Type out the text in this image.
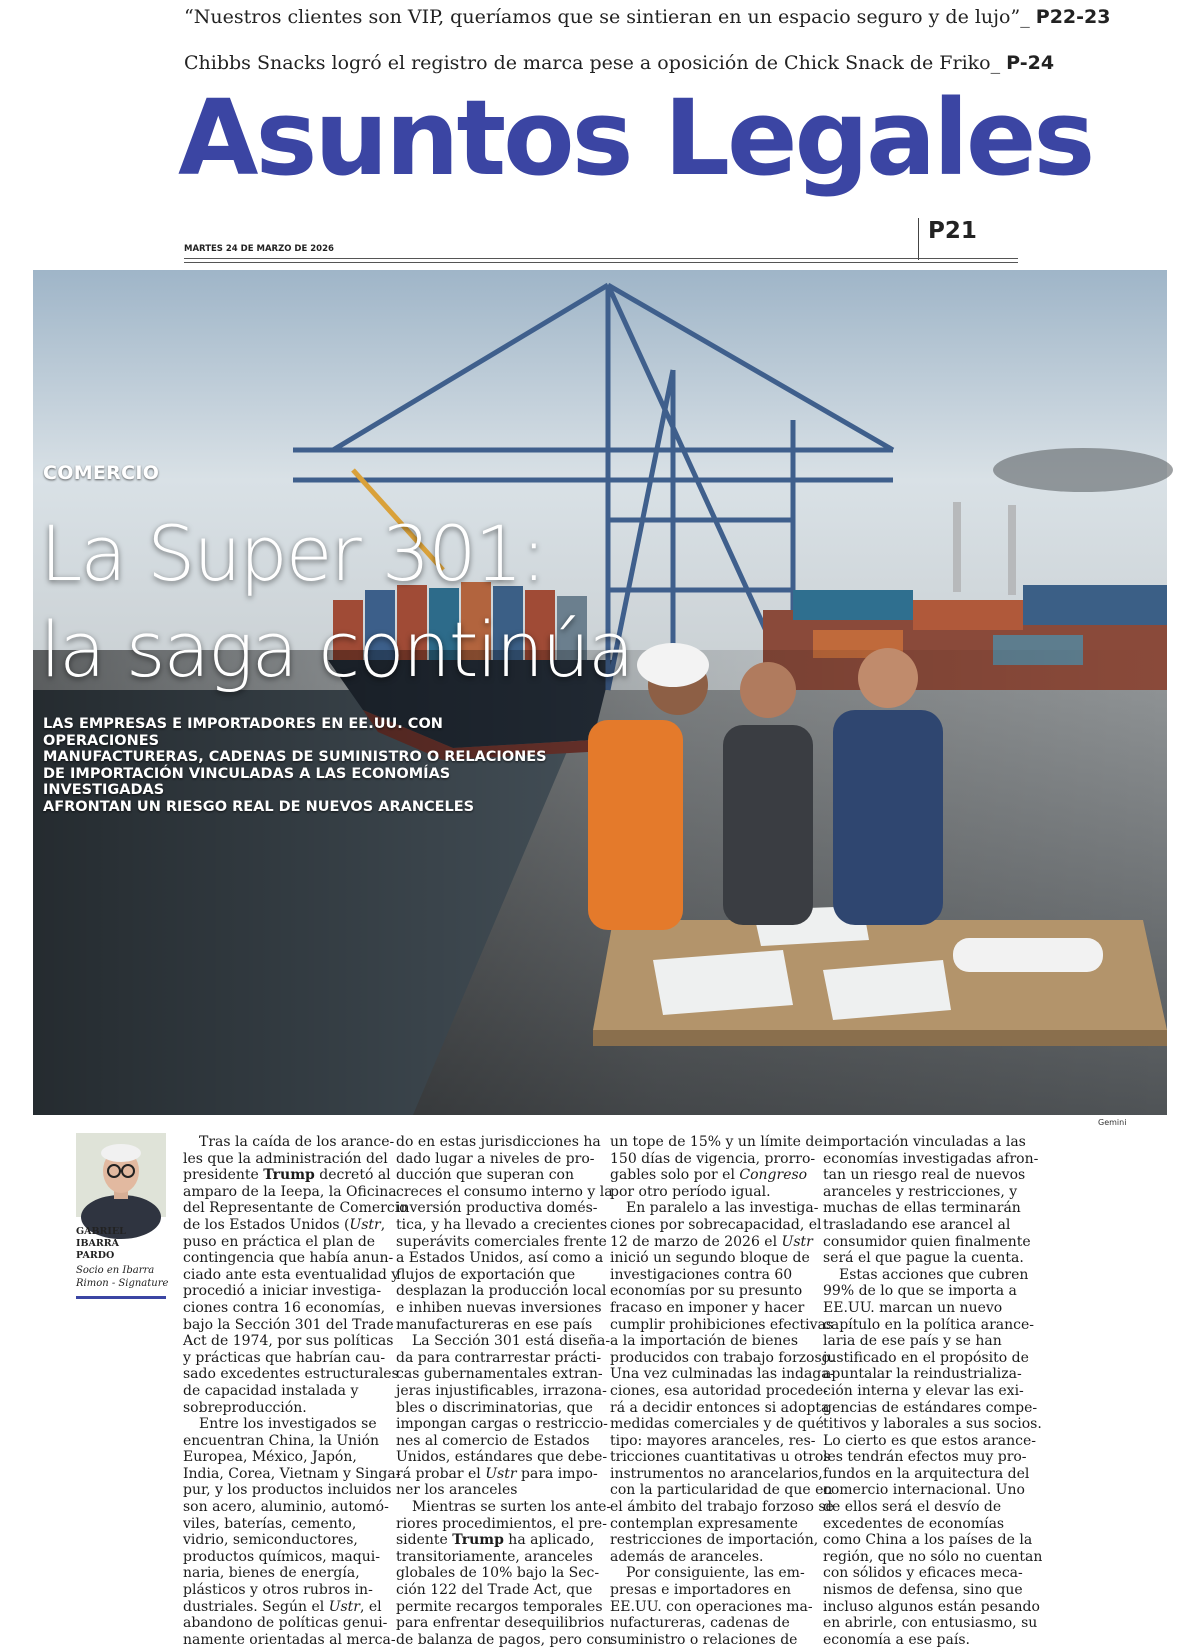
“Nuestros clientes son VIP, queríamos que se sintieran en un espacio seguro y de lujo”_ P22-23
Chibbs Snacks logró el registro de marca pese a oposición de Chick Snack de Friko_ P-24
Asuntos Legales
MARTES 24 DE MARZO DE 2026
P21
COMERCIO
La Super 301:
la saga continúa
LAS EMPRESAS E IMPORTADORES EN EE.UU. CON OPERACIONES
MANUFACTURERAS, CADENAS DE SUMINISTRO O RELACIONES
DE IMPORTACIÓN VINCULADAS A LAS ECONOMÍAS INVESTIGADAS
AFRONTAN UN RIESGO REAL DE NUEVOS ARANCELES
Gemini
GABRIEL
IBARRA
PARDO
Socio en Ibarra
Rimon - Signature
Tras la caída de los arance-
les que la administración del
presidente Trump decretó al
amparo de la Ieepa, la Oficina
del Representante de Comercio
de los Estados Unidos (Ustr,
puso en práctica el plan de
contingencia que había anun-
ciado ante esta eventualidad y
procedió a iniciar investiga-
ciones contra 16 economías,
bajo la Sección 301 del Trade
Act de 1974, por sus políticas
y prácticas que habrían cau-
sado excedentes estructurales
de capacidad instalada y
sobreproducción.
Entre los investigados se
encuentran China, la Unión
Europea, México, Japón,
India, Corea, Vietnam y Singa-
pur, y los productos incluidos
son acero, aluminio, automó-
viles, baterías, cemento,
vidrio, semiconductores,
productos químicos, maqui-
naria, bienes de energía,
plásticos y otros rubros in-
dustriales. Según el Ustr, el
abandono de políticas genui-
namente orientadas al merca-
do en estas jurisdicciones ha
dado lugar a niveles de pro-
ducción que superan con
creces el consumo interno y la
inversión productiva domés-
tica, y ha llevado a crecientes
superávits comerciales frente
a Estados Unidos, así como a
flujos de exportación que
desplazan la producción local
e inhiben nuevas inversiones
manufactureras en ese país
La Sección 301 está diseña-
da para contrarrestar prácti-
cas gubernamentales extran-
jeras injustificables, irrazona-
bles o discriminatorias, que
impongan cargas o restriccio-
nes al comercio de Estados
Unidos, estándares que debe-
rá probar el Ustr para impo-
ner los aranceles
Mientras se surten los ante-
riores procedimientos, el pre-
sidente Trump ha aplicado,
transitoriamente, aranceles
globales de 10% bajo la Sec-
ción 122 del Trade Act, que
permite recargos temporales
para enfrentar desequilibrios
de balanza de pagos, pero con
un tope de 15% y un límite de
150 días de vigencia, prorro-
gables solo por el Congreso
por otro período igual.
En paralelo a las investiga-
ciones por sobrecapacidad, el
12 de marzo de 2026 el Ustr
inició un segundo bloque de
investigaciones contra 60
economías por su presunto
fracaso en imponer y hacer
cumplir prohibiciones efectivas
a la importación de bienes
producidos con trabajo forzoso.
Una vez culminadas las indaga-
ciones, esa autoridad procede-
rá a decidir entonces si adopta
medidas comerciales y de qué
tipo: mayores aranceles, res-
tricciones cuantitativas u otros
instrumentos no arancelarios,
con la particularidad de que en
el ámbito del trabajo forzoso se
contemplan expresamente
restricciones de importación,
además de aranceles.
Por consiguiente, las em-
presas e importadores en
EE.UU. con operaciones ma-
nufactureras, cadenas de
suministro o relaciones de
importación vinculadas a las
economías investigadas afron-
tan un riesgo real de nuevos
aranceles y restricciones, y
muchas de ellas terminarán
trasladando ese arancel al
consumidor quien finalmente
será el que pague la cuenta.
Estas acciones que cubren
99% de lo que se importa a
EE.UU. marcan un nuevo
capítulo en la política arance-
laria de ese país y se han
justificado en el propósito de
apuntalar la reindustrializa-
ción interna y elevar las exi-
gencias de estándares compe-
titivos y laborales a sus socios.
Lo cierto es que estos arance-
les tendrán efectos muy pro-
fundos en la arquitectura del
comercio internacional. Uno
de ellos será el desvío de
excedentes de economías
como China a los países de la
región, que no sólo no cuentan
con sólidos y eficaces meca-
nismos de defensa, sino que
incluso algunos están pesando
en abrirle, con entusiasmo, su
economía a ese país.
